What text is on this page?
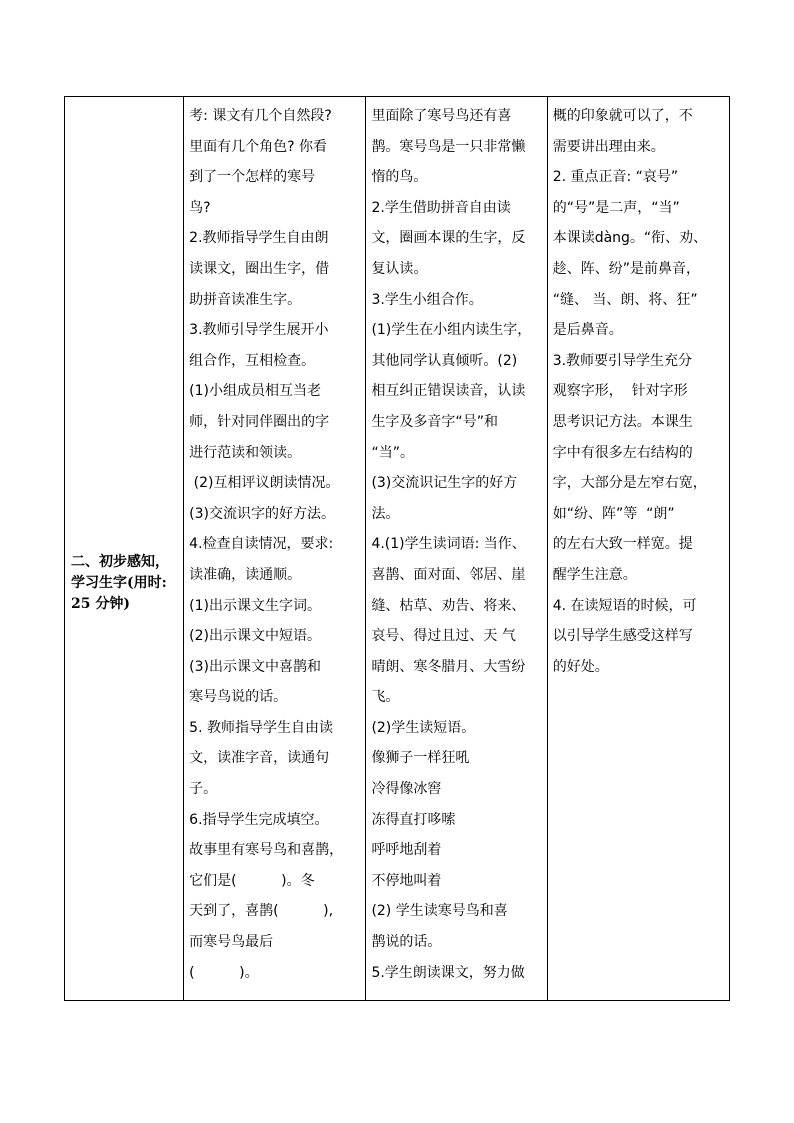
二、初步感知，
学习生字(用时:
25 分钟)

考: 课文有几个自然段?
里面有几个角色? 你看
到了一个怎样的寒号
鸟?
2.教师指导学生自由朗
读课文，圈出生字，借
助拼音读准生字。
3.教师引导学生展开小
组合作，互相检查。
(1)小组成员相互当老
师，针对同伴圈出的字
进行范读和领读。
(2)互相评议朗读情况。
(3)交流识字的好方法。
4.检查自读情况，要求:
读准确，读通顺。
(1)出示课文生字词。
(2)出示课文中短语。
(3)出示课文中喜鹊和
寒号鸟说的话。
5. 教师指导学生自由读
文，读准字音，读通句
子。
6.指导学生完成填空。
故事里有寒号鸟和喜鹊，
它们是(          )。冬
天到了，喜鹊(          ),
而寒号鸟最后
(          )。

里面除了寒号鸟还有喜
鹊。寒号鸟是一只非常懒
惰的鸟。
2.学生借助拼音自由读
文，圈画本课的生字，反
复认读。
3.学生小组合作。
(1)学生在小组内读生字，
其他同学认真倾听。(2)
相互纠正错误读音，认读
生字及多音字“号”和
“当”。
(3)交流识记生字的好方
法。
4.(1)学生读词语: 当作、
喜鹊、面对面、邻居、崖
缝、枯草、劝告、将来、
哀号、得过且过、天 气
晴朗、寒冬腊月、大雪纷
飞。
(2)学生读短语。
像狮子一样狂吼
冷得像冰窖
冻得直打哆嗦
呼呼地刮着
不停地叫着
(2) 学生读寒号鸟和喜
鹊说的话。
5.学生朗读课文，努力做

概的印象就可以了，不
需要讲出理由来。
2. 重点正音: “哀号”
的“号”是二声，“当”
本课读dàng。“衔、劝、
趁、阵、纷”是前鼻音，
“缝、 当、朗、将、狂”
是后鼻音。
3.教师要引导学生充分
观察字形，  针对字形
思考识记方法。本课生
字中有很多左右结构的
字，大部分是左窄右宽，
如“纷、阵”等  “朗”
的左右大致一样宽。提
醒学生注意。
4. 在读短语的时候，可
以引导学生感受这样写
的好处。
